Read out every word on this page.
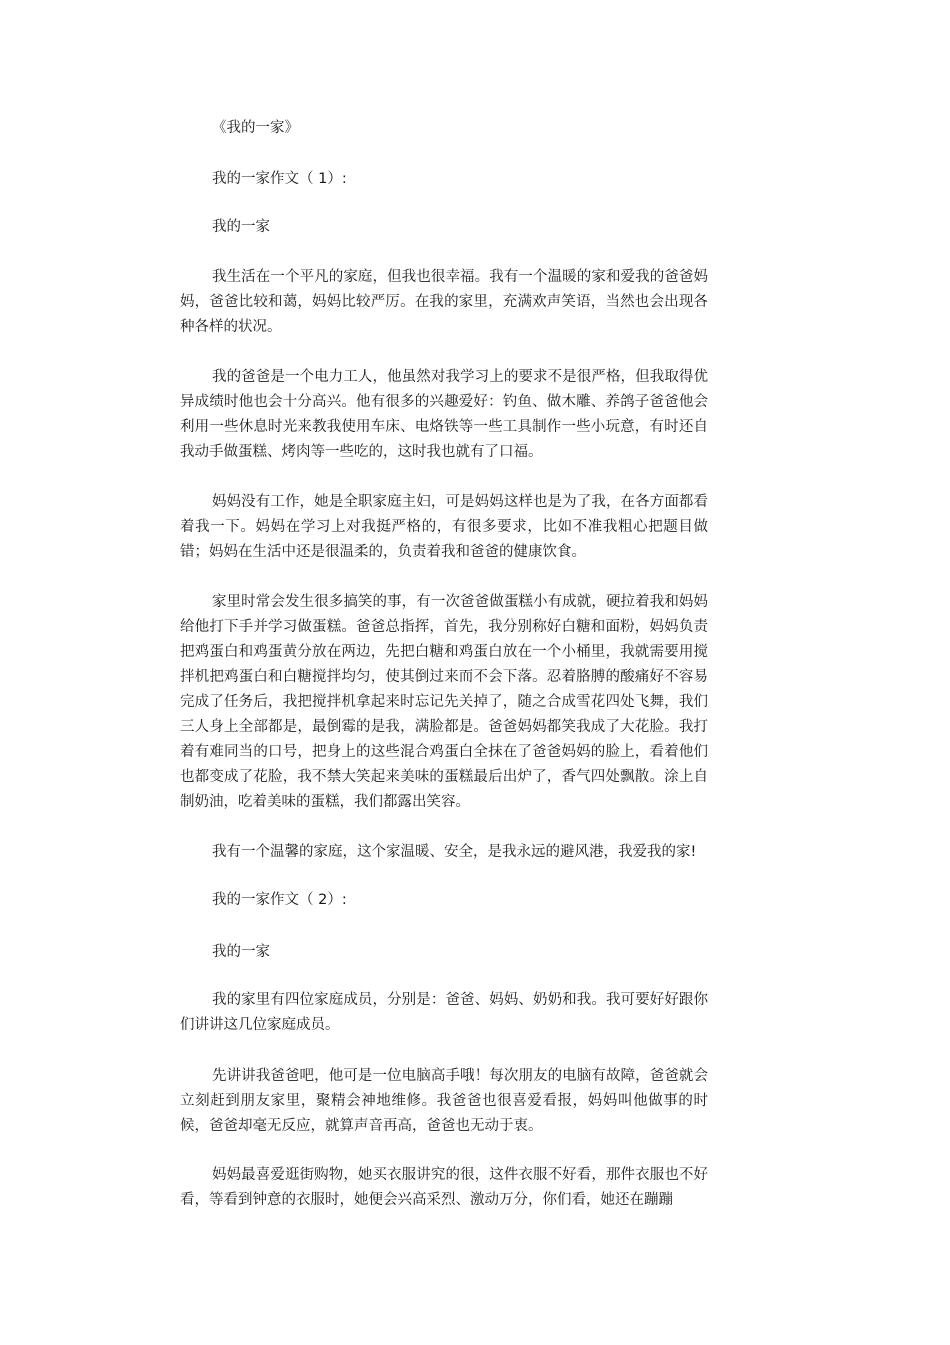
《我的一家》

我的一家作文（ 1）:

我的一家

我生活在一个平凡的家庭，但我也很幸福。我有一个温暖的家和爱我的爸爸妈妈，爸爸比较和蔼，妈妈比较严厉。在我的家里，充满欢声笑语，当然也会出现各种各样的状况。

我的爸爸是一个电力工人，他虽然对我学习上的要求不是很严格，但我取得优异成绩时他也会十分高兴。他有很多的兴趣爱好：钓鱼、做木雕、养鸽子爸爸他会利用一些休息时光来教我使用车床、电烙铁等一些工具制作一些小玩意，有时还自我动手做蛋糕、烤肉等一些吃的，这时我也就有了口福。

妈妈没有工作，她是全职家庭主妇，可是妈妈这样也是为了我，在各方面都看着我一下。妈妈在学习上对我挺严格的，有很多要求，比如不准我粗心把题目做错；妈妈在生活中还是很温柔的，负责着我和爸爸的健康饮食。

家里时常会发生很多搞笑的事，有一次爸爸做蛋糕小有成就，硬拉着我和妈妈给他打下手并学习做蛋糕。爸爸总指挥，首先，我分别称好白糖和面粉，妈妈负责把鸡蛋白和鸡蛋黄分放在两边，先把白糖和鸡蛋白放在一个小桶里，我就需要用搅拌机把鸡蛋白和白糖搅拌均匀，使其倒过来而不会下落。忍着胳膊的酸痛好不容易完成了任务后，我把搅拌机拿起来时忘记先关掉了，随之合成雪花四处飞舞，我们三人身上全部都是，最倒霉的是我，满脸都是。爸爸妈妈都笑我成了大花脸。我打着有难同当的口号，把身上的这些混合鸡蛋白全抹在了爸爸妈妈的脸上，看着他们也都变成了花脸，我不禁大笑起来美味的蛋糕最后出炉了，香气四处飘散。涂上自制奶油，吃着美味的蛋糕，我们都露出笑容。

我有一个温馨的家庭，这个家温暖、安全，是我永远的避风港，我爱我的家!

我的一家作文（ 2）:

我的一家

我的家里有四位家庭成员，分别是：爸爸、妈妈、奶奶和我。我可要好好跟你们讲讲这几位家庭成员。

先讲讲我爸爸吧，他可是一位电脑高手哦！每次朋友的电脑有故障，爸爸就会立刻赶到朋友家里，聚精会神地维修。我爸爸也很喜爱看报，妈妈叫他做事的时候，爸爸却毫无反应，就算声音再高，爸爸也无动于衷。

妈妈最喜爱逛街购物，她买衣服讲究的很，这件衣服不好看，那件衣服也不好看，等看到钟意的衣服时，她便会兴高采烈、激动万分，你们看，她还在蹦蹦
